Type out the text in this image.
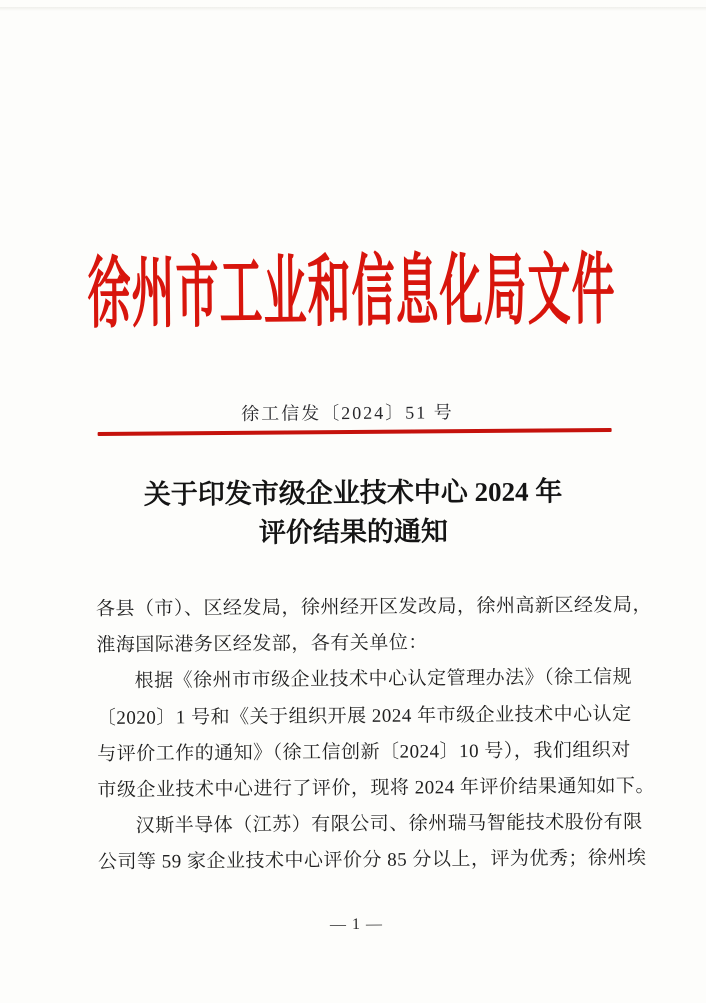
徐州市工业和信息化局文件
徐工信发〔2024〕51 号
关于印发市级企业技术中心 2024 年
评价结果的通知
各县（市）、区经发局，徐州经开区发改局，徐州高新区经发局，
淮海国际港务区经发部，各有关单位：
根据《徐州市市级企业技术中心认定管理办法》（徐工信规
〔2020〕1 号和《关于组织开展 2024 年市级企业技术中心认定
与评价工作的通知》（徐工信创新〔2024〕10 号），我们组织对
市级企业技术中心进行了评价，现将 2024 年评价结果通知如下。
汉斯半导体（江苏）有限公司、徐州瑞马智能技术股份有限
公司等 59 家企业技术中心评价分 85 分以上，评为优秀；徐州埃
— 1 —
